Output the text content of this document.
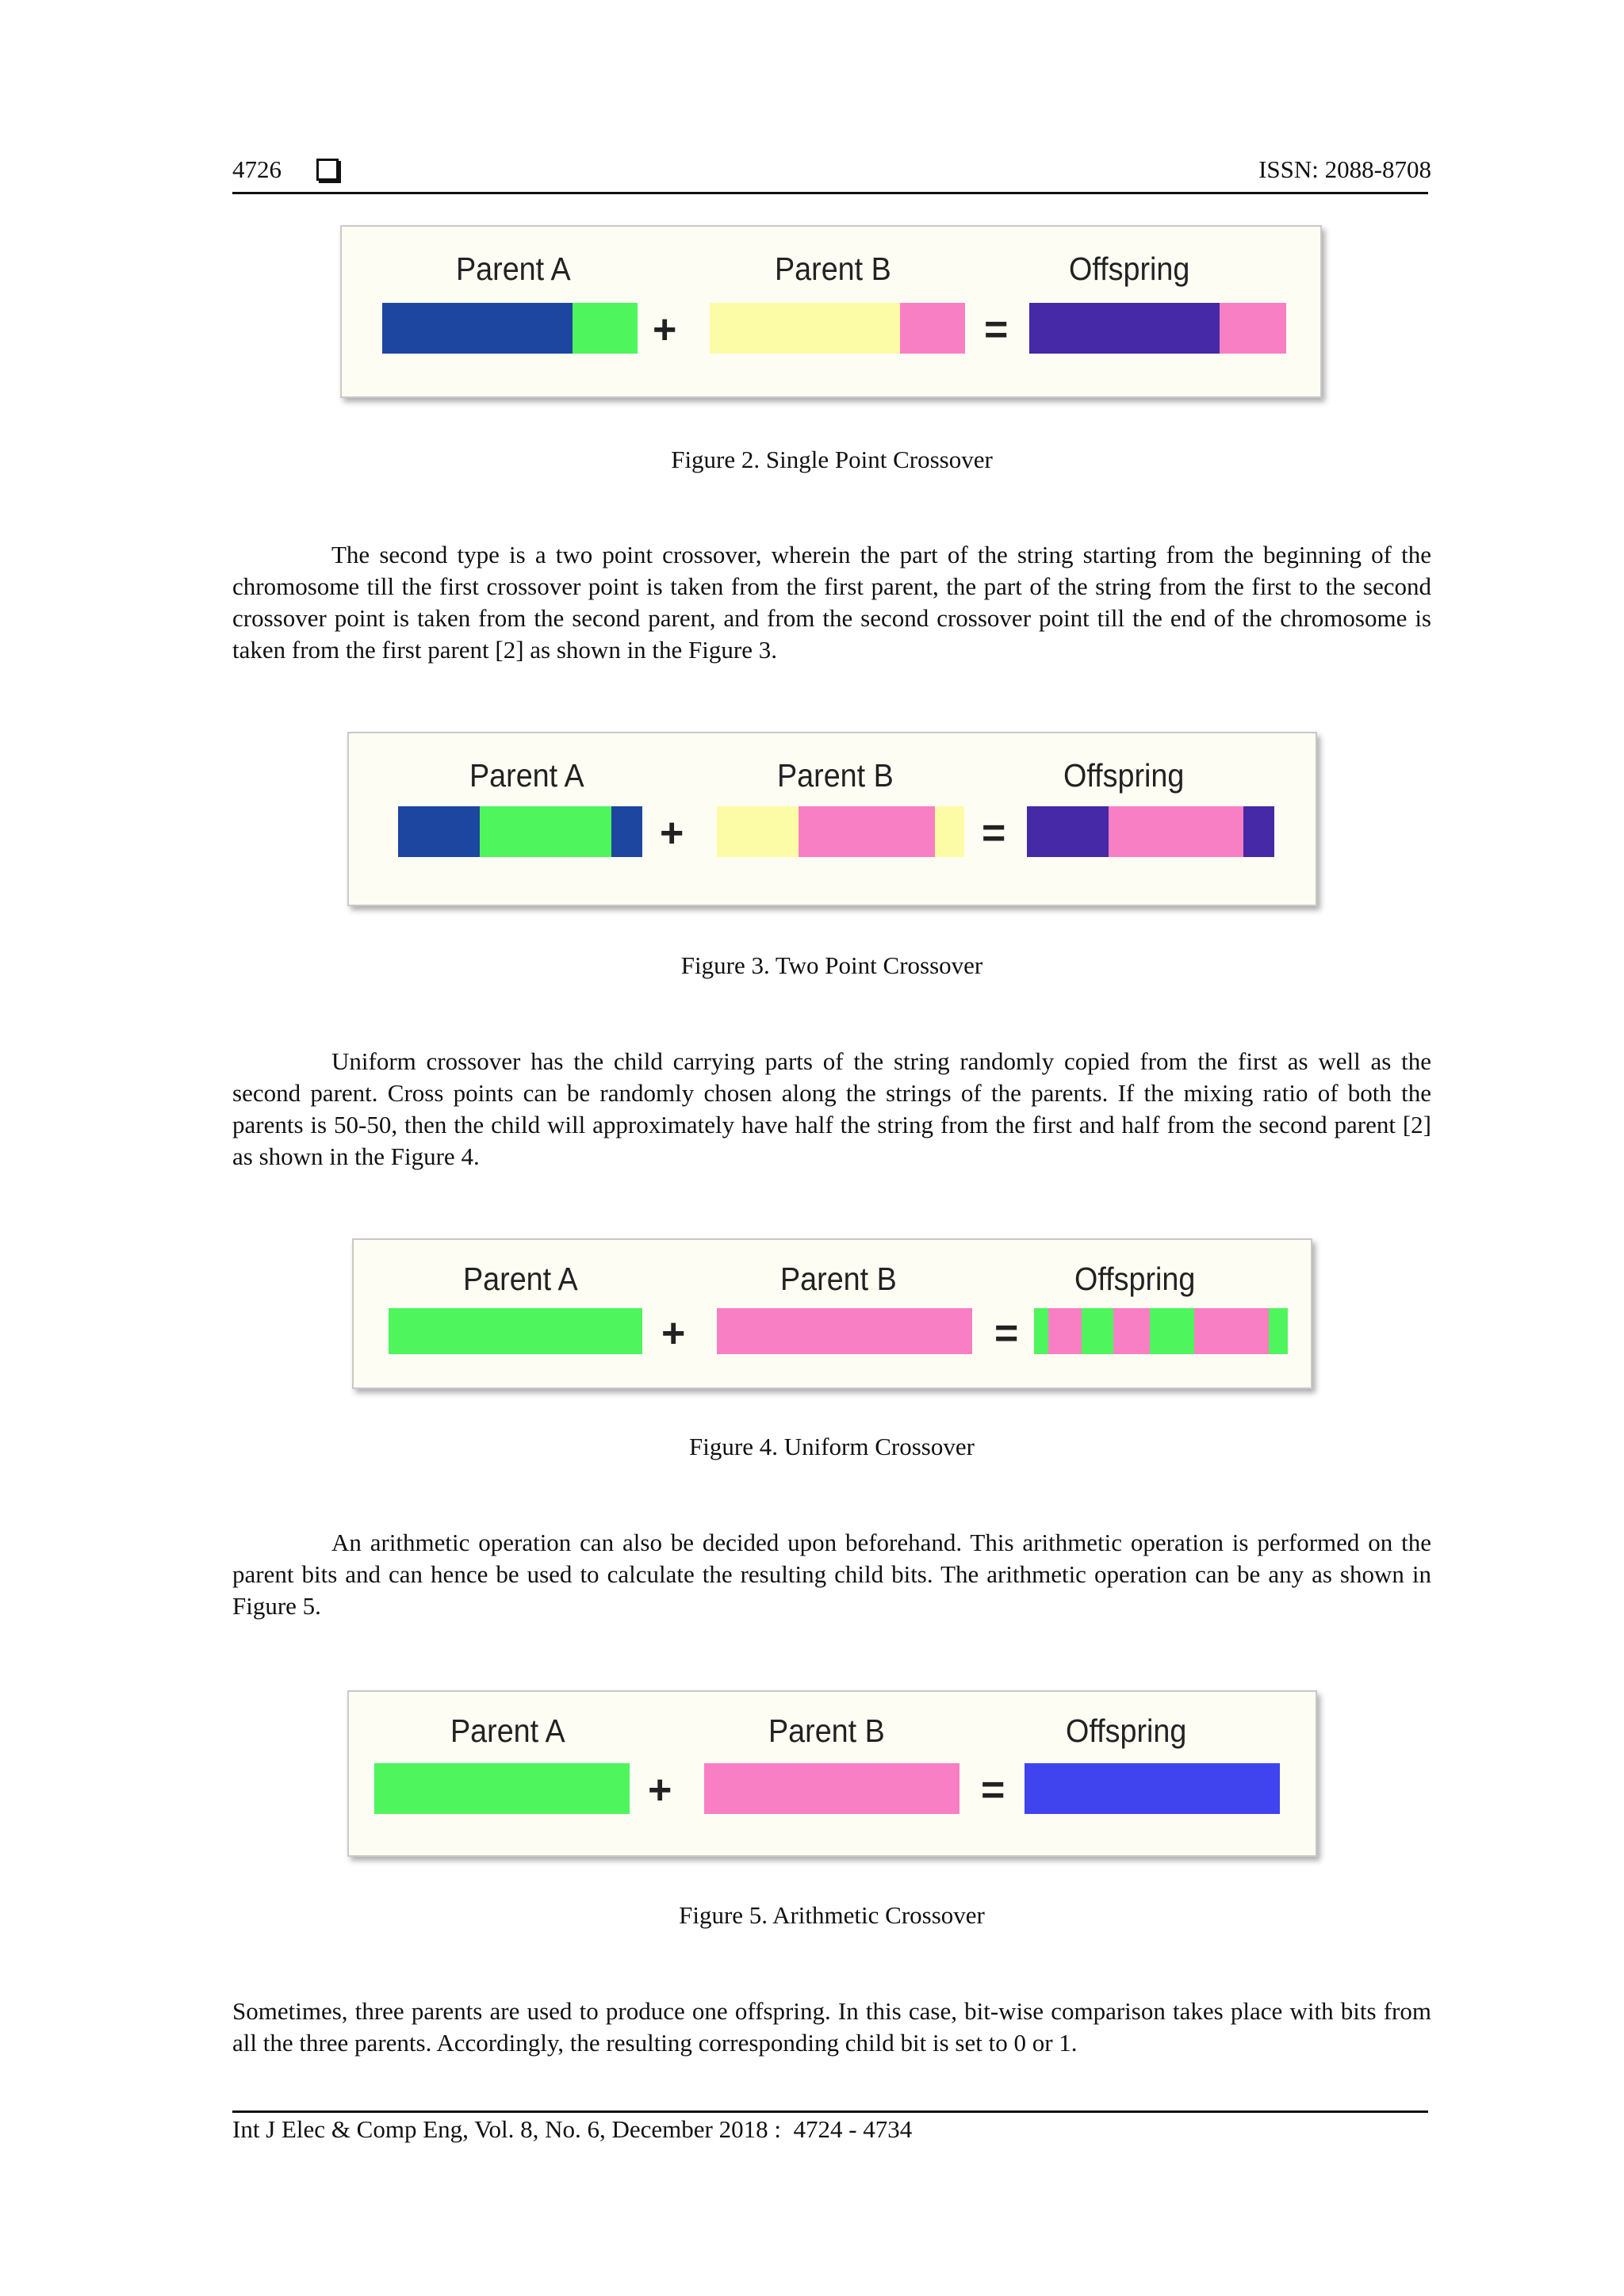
4726	ISSN: 2088-8708
Parent A	Parent B	Offspring
+	=
Figure 2. Single Point Crossover

The second type is a two point crossover, wherein the part of the string starting from the beginning of the chromosome till the first crossover point is taken from the first parent, the part of the string from the first to the second crossover point is taken from the second parent, and from the second crossover point till the end of the chromosome is taken from the first parent [2] as shown in the Figure 3.

Parent A	Parent B	Offspring
+	=
Figure 3. Two Point Crossover

Uniform crossover has the child carrying parts of the string randomly copied from the first as well as the second parent. Cross points can be randomly chosen along the strings of the parents. If the mixing ratio of both the parents is 50-50, then the child will approximately have half the string from the first and half from the second parent [2] as shown in the Figure 4.

Parent A	Parent B	Offspring
+	=
Figure 4. Uniform Crossover

An arithmetic operation can also be decided upon beforehand. This arithmetic operation is performed on the parent bits and can hence be used to calculate the resulting child bits. The arithmetic operation can be any as shown in Figure 5.

Parent A	Parent B	Offspring
+	=
Figure 5. Arithmetic Crossover

Sometimes, three parents are used to produce one offspring. In this case, bit-wise comparison takes place with bits from all the three parents. Accordingly, the resulting corresponding child bit is set to 0 or 1.

Int J Elec & Comp Eng, Vol. 8, No. 6, December 2018 :  4724 - 4734
